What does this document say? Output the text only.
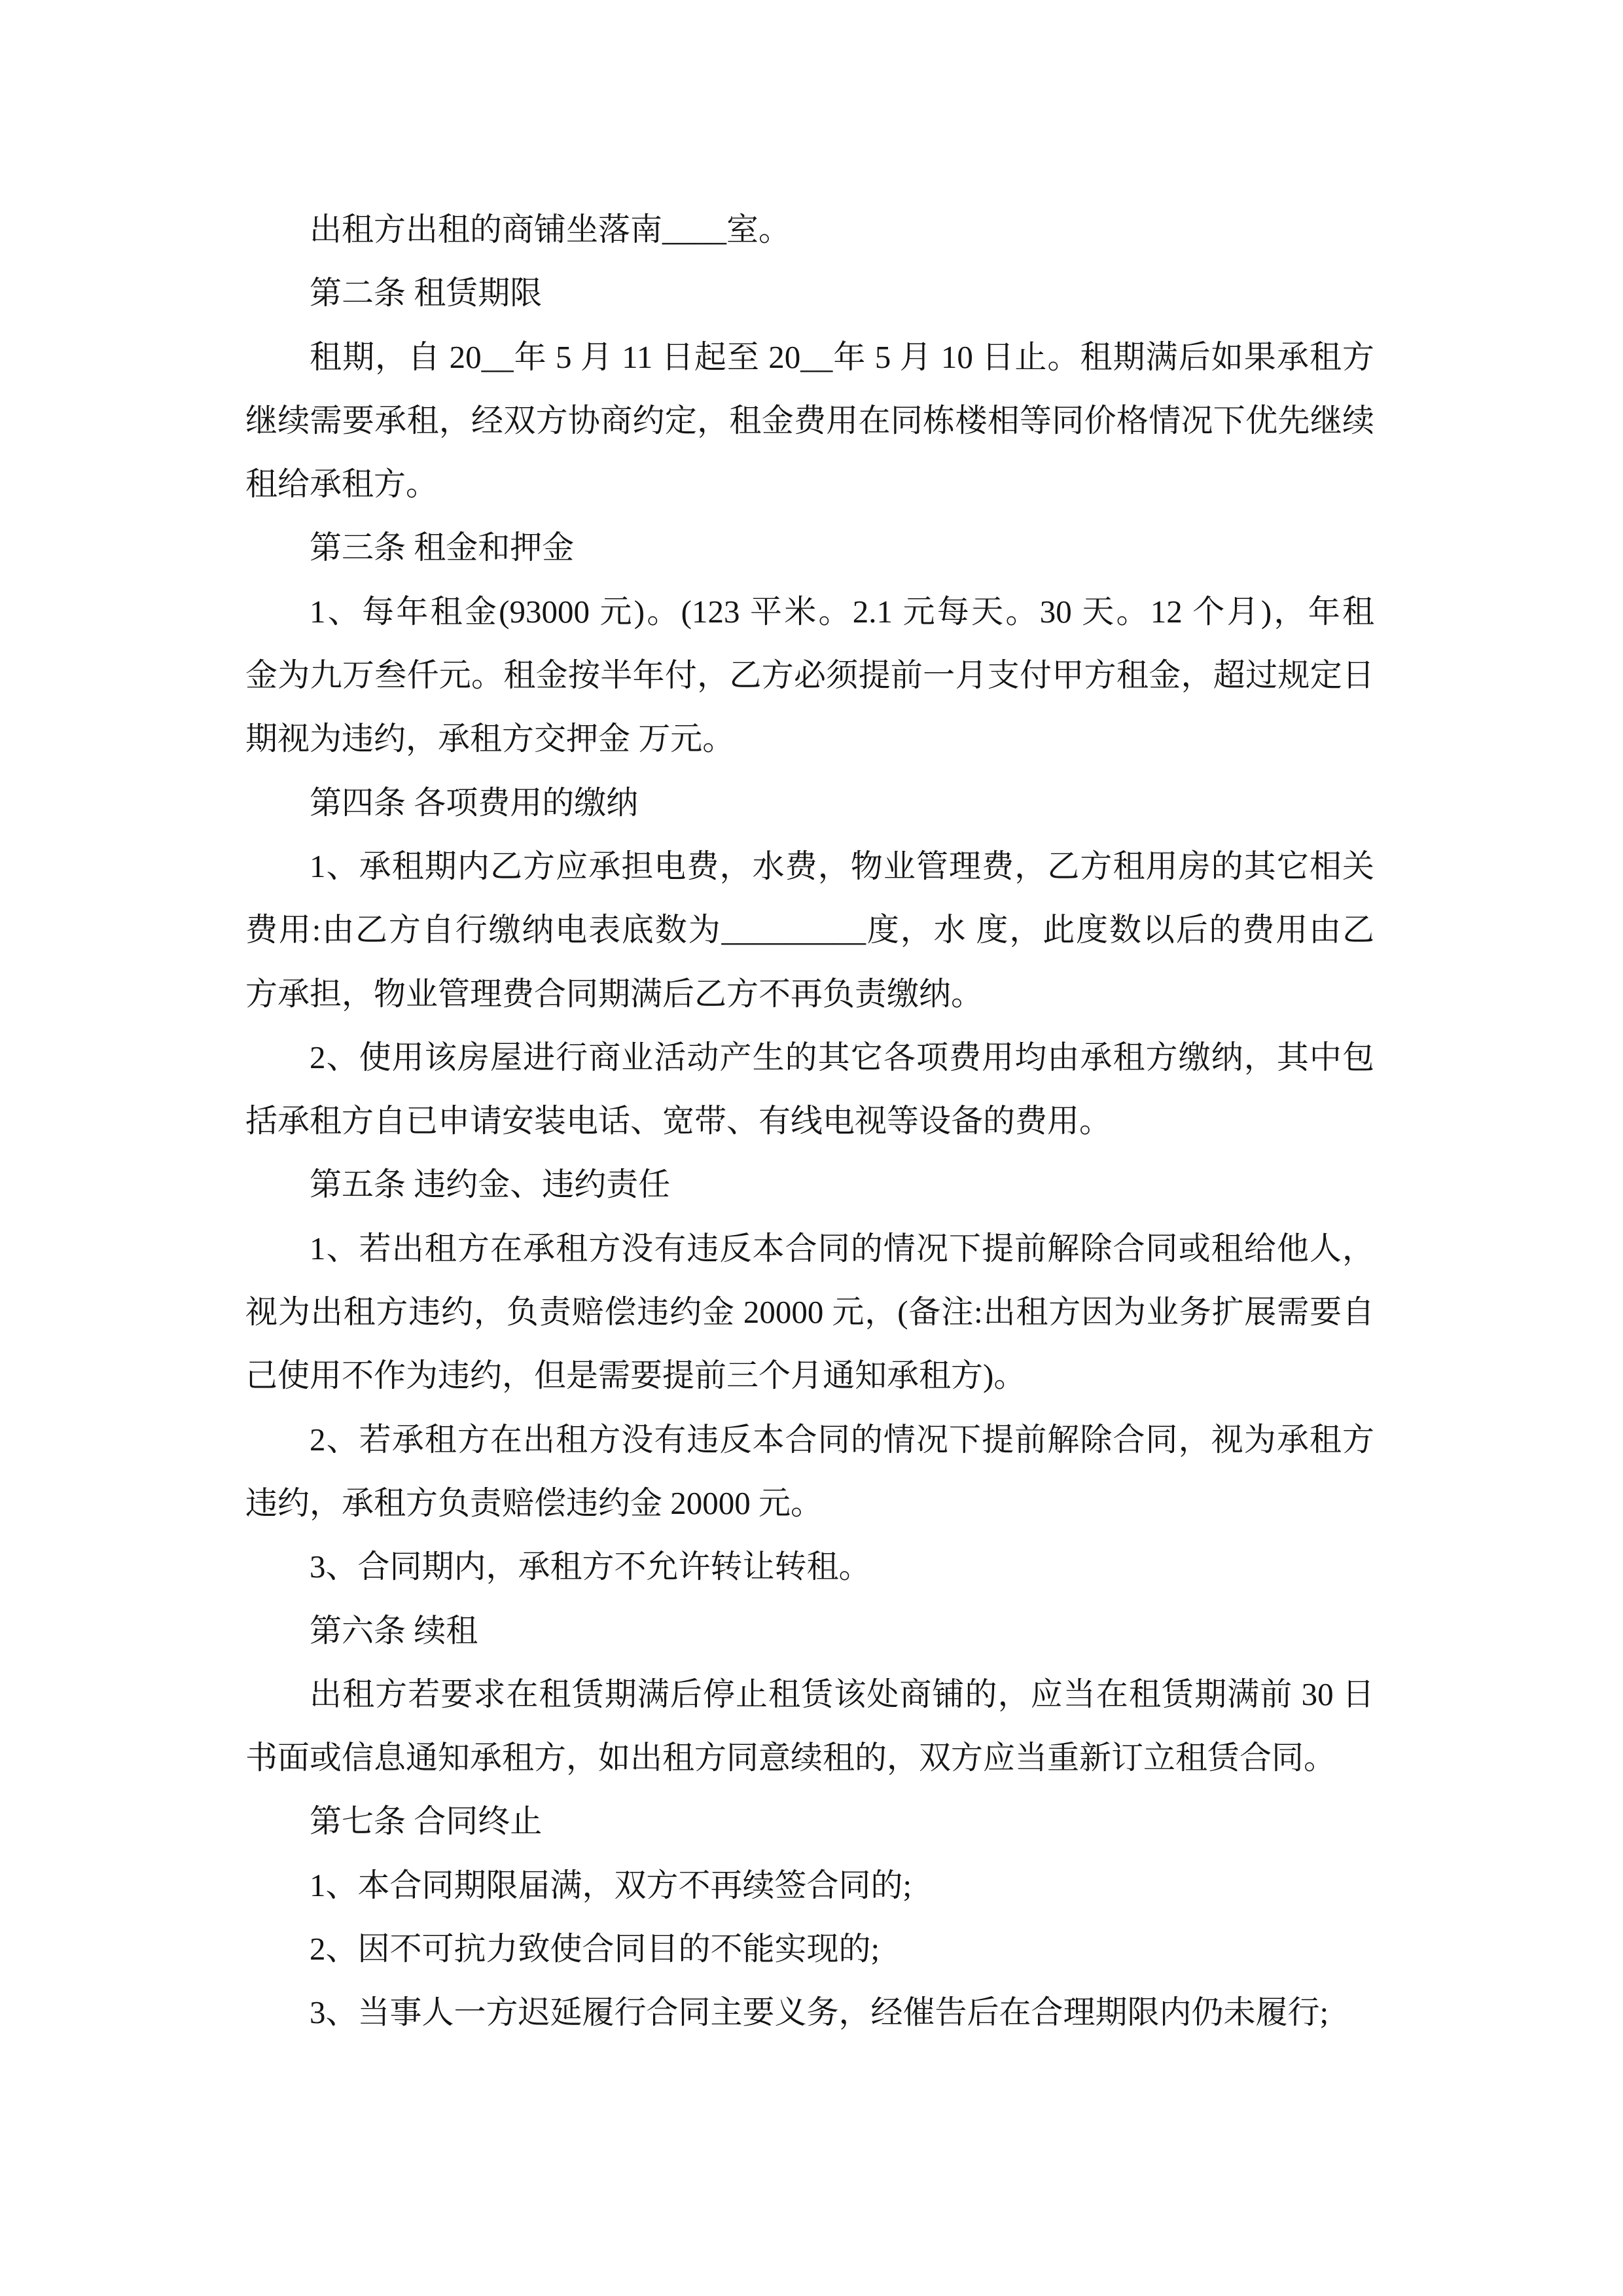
出租方出租的商铺坐落南____室。
第二条 租赁期限
租期，自 20__年 5 月 11 日起至 20__年 5 月 10 日止。租期满后如果承租方
继续需要承租，经双方协商约定，租金费用在同栋楼相等同价格情况下优先继续
租给承租方。
第三条 租金和押金
1、每年租金(93000 元)。(123 平米。2.1 元每天。30 天。12 个月)，年租
金为九万叁仟元。租金按半年付，乙方必须提前一月支付甲方租金，超过规定日
期视为违约，承租方交押金 万元。
第四条 各项费用的缴纳
1、承租期内乙方应承担电费，水费，物业管理费，乙方租用房的其它相关
费用:由乙方自行缴纳电表底数为_________度，水 度，此度数以后的费用由乙
方承担，物业管理费合同期满后乙方不再负责缴纳。
2、使用该房屋进行商业活动产生的其它各项费用均由承租方缴纳，其中包
括承租方自已申请安装电话、宽带、有线电视等设备的费用。
第五条 违约金、违约责任
1、若出租方在承租方没有违反本合同的情况下提前解除合同或租给他人，
视为出租方违约，负责赔偿违约金 20000 元，(备注:出租方因为业务扩展需要自
己使用不作为违约，但是需要提前三个月通知承租方)。
2、若承租方在出租方没有违反本合同的情况下提前解除合同，视为承租方
违约，承租方负责赔偿违约金 20000 元。
3、合同期内，承租方不允许转让转租。
第六条 续租
出租方若要求在租赁期满后停止租赁该处商铺的，应当在租赁期满前 30 日
书面或信息通知承租方，如出租方同意续租的，双方应当重新订立租赁合同。
第七条 合同终止
1、本合同期限届满，双方不再续签合同的;
2、因不可抗力致使合同目的不能实现的;
3、当事人一方迟延履行合同主要义务，经催告后在合理期限内仍未履行;
